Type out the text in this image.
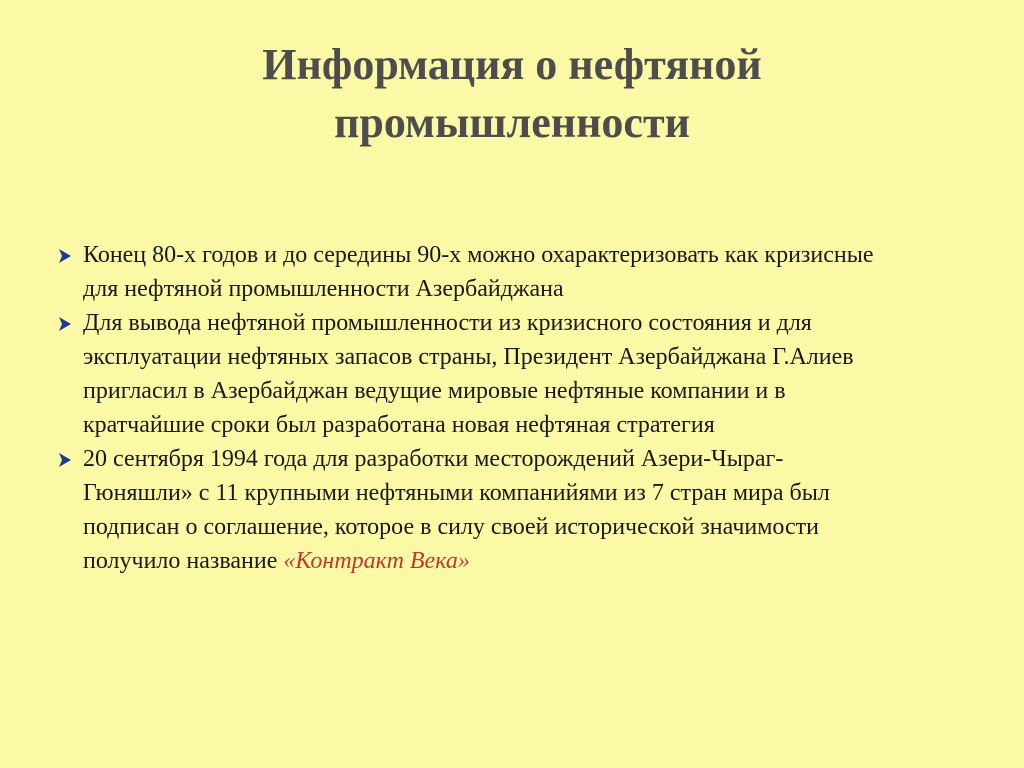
Информация о нефтяной
промышленности
Конец 80-х годов и до середины 90-х можно охарактеризовать как кризисные для нефтяной промышленности Азербайджана
Для вывода нефтяной промышленности из кризисного состояния и для эксплуатации нефтяных запасов страны, Президент Азербайджана Г.Алиев пригласил в Азербайджан ведущие мировые нефтяные компании и в кратчайшие сроки был разработана новая нефтяная стратегия
20 сентября 1994 года для разработки месторождений Азери-Чыраг-Гюняшли» с 11 крупными нефтяными компанийями из 7 стран мира был подписан о соглашение, которое в силу своей исторической значимости получило название «Контракт Века»
